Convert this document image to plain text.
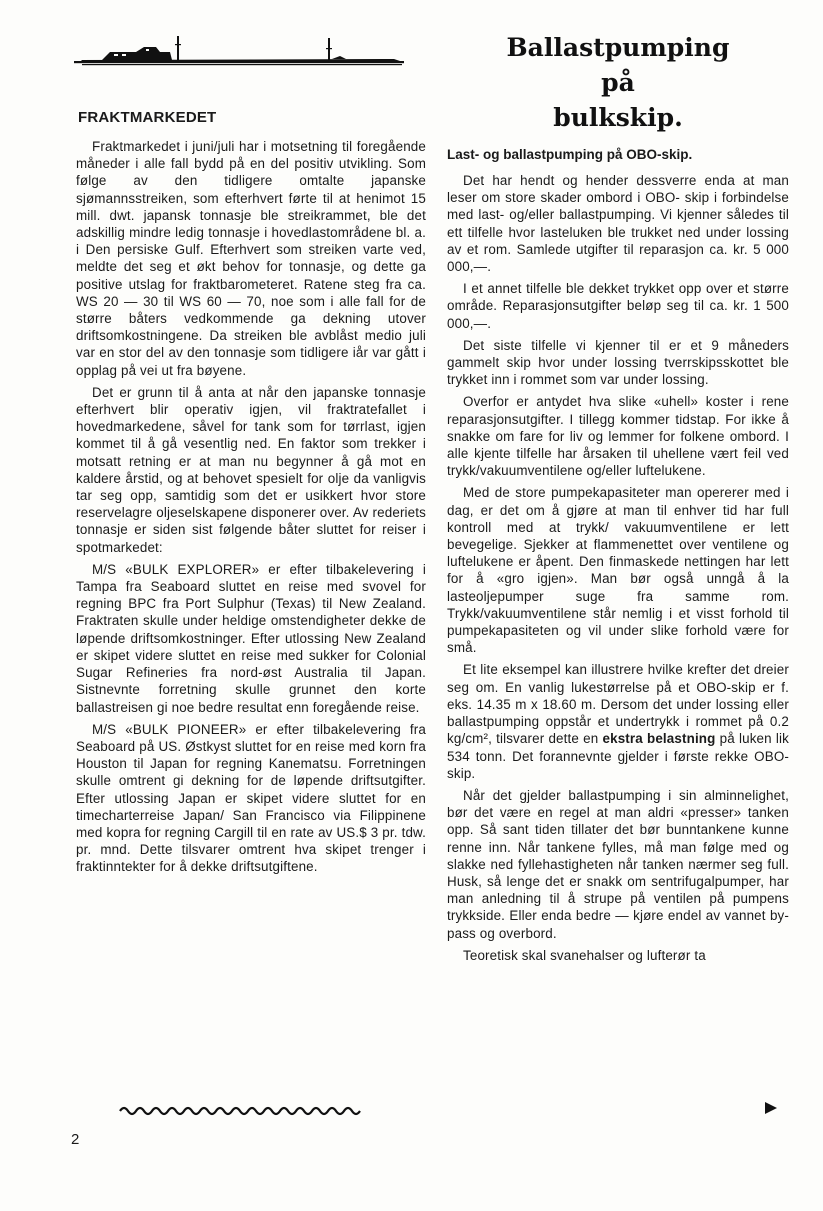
FRAKTMARKEDET
Ballastpumping
på
bulkskip.

Fraktmarkedet i juni/juli har i motsetning til foregående måneder i alle fall bydd på en del positiv utvikling. Som følge av den tidligere omtalte japanske sjømannsstreiken, som efterhvert førte til at henimot 15 mill. dwt. japansk tonnasje ble streikrammet, ble det adskillig mindre ledig tonnasje i hovedlastområdene bl. a. i Den persiske Gulf. Efterhvert som streiken varte ved, meldte det seg et økt behov for tonnasje, og dette ga positive utslag for fraktbarometeret. Ratene steg fra ca. WS 20 — 30 til WS 60 — 70, noe som i alle fall for de større båters vedkommende ga dekning utover driftsomkostningene. Da streiken ble avblåst medio juli var en stor del av den tonnasje som tidligere iår var gått i opplag på vei ut fra bøyene.

Det er grunn til å anta at når den japanske tonnasje efterhvert blir operativ igjen, vil fraktratefallet i hovedmarkedene, såvel for tank som for tørrlast, igjen kommet til å gå vesentlig ned. En faktor som trekker i motsatt retning er at man nu begynner å gå mot en kaldere årstid, og at behovet spesielt for olje da vanligvis tar seg opp, samtidig som det er usikkert hvor store reservelagre oljeselskapene disponerer over. Av rederiets tonnasje er siden sist følgende båter sluttet for reiser i spotmarkedet:

M/S «BULK EXPLORER» er efter tilbakelevering i Tampa fra Seaboard sluttet en reise med svovel for regning BPC fra Port Sulphur (Texas) til New Zealand. Fraktraten skulle under heldige omstendigheter dekke de løpende driftsomkostninger. Efter utlossing New Zealand er skipet videre sluttet en reise med sukker for Colonial Sugar Refineries fra nord-øst Australia til Japan. Sistnevnte forretning skulle grunnet den korte ballastreisen gi noe bedre resultat enn foregående reise.

M/S «BULK PIONEER» er efter tilbakelevering fra Seaboard på US. Østkyst sluttet for en reise med korn fra Houston til Japan for regning Kanematsu. Forretningen skulle omtrent gi dekning for de løpende driftsutgifter. Efter utlossing Japan er skipet videre sluttet for en timecharterreise Japan/ San Francisco via Filippinene med kopra for regning Cargill til en rate av US.$ 3 pr. tdw. pr. mnd. Dette tilsvarer omtrent hva skipet trenger i fraktinntekter for å dekke driftsutgiftene.

Last- og ballastpumping på OBO-skip.

Det har hendt og hender dessverre enda at man leser om store skader ombord i OBO- skip i forbindelse med last- og/eller ballastpumping. Vi kjenner således til ett tilfelle hvor lasteluken ble trukket ned under lossing av et rom. Samlede utgifter til reparasjon ca. kr. 5 000 000,—.

I et annet tilfelle ble dekket trykket opp over et større område. Reparasjonsutgifter beløp seg til ca. kr. 1 500 000,—.

Det siste tilfelle vi kjenner til er et 9 måneders gammelt skip hvor under lossing tverrskipsskottet ble trykket inn i rommet som var under lossing.

Overfor er antydet hva slike «uhell» koster i rene reparasjonsutgifter. I tillegg kommer tidstap. For ikke å snakke om fare for liv og lemmer for folkene ombord. I alle kjente tilfelle har årsaken til uhellene vært feil ved trykk/vakuumventilene og/eller luftelukene.

Med de store pumpekapasiteter man opererer med i dag, er det om å gjøre at man til enhver tid har full kontroll med at trykk/ vakuumventilene er lett bevegelige. Sjekker at flammenettet over ventilene og luftelukene er åpent. Den finmaskede nettingen har lett for å «gro igjen». Man bør også unngå å la lasteoljepumper suge fra samme rom. Trykk/vakuumventilene står nemlig i et visst forhold til pumpekapasiteten og vil under slike forhold være for små.

Et lite eksempel kan illustrere hvilke krefter det dreier seg om. En vanlig lukestørrelse på et OBO-skip er f. eks. 14.35 m x 18.60 m. Dersom det under lossing eller ballastpumping oppstår et undertrykk i rommet på 0.2 kg/cm², tilsvarer dette en ekstra belastning på luken lik 534 tonn. Det forannevnte gjelder i første rekke OBO-skip.

Når det gjelder ballastpumping i sin alminnelighet, bør det være en regel at man aldri «presser» tanken opp. Så sant tiden tillater det bør bunntankene kunne renne inn. Når tankene fylles, må man følge med og slakke ned fyllehastigheten når tanken nærmer seg full. Husk, så lenge det er snakk om sentrifugalpumper, har man anledning til å strupe på ventilen på pumpens trykkside. Eller enda bedre — kjøre endel av vannet by-pass og overbord.

Teoretisk skal svanehalser og lufterør ta

2
